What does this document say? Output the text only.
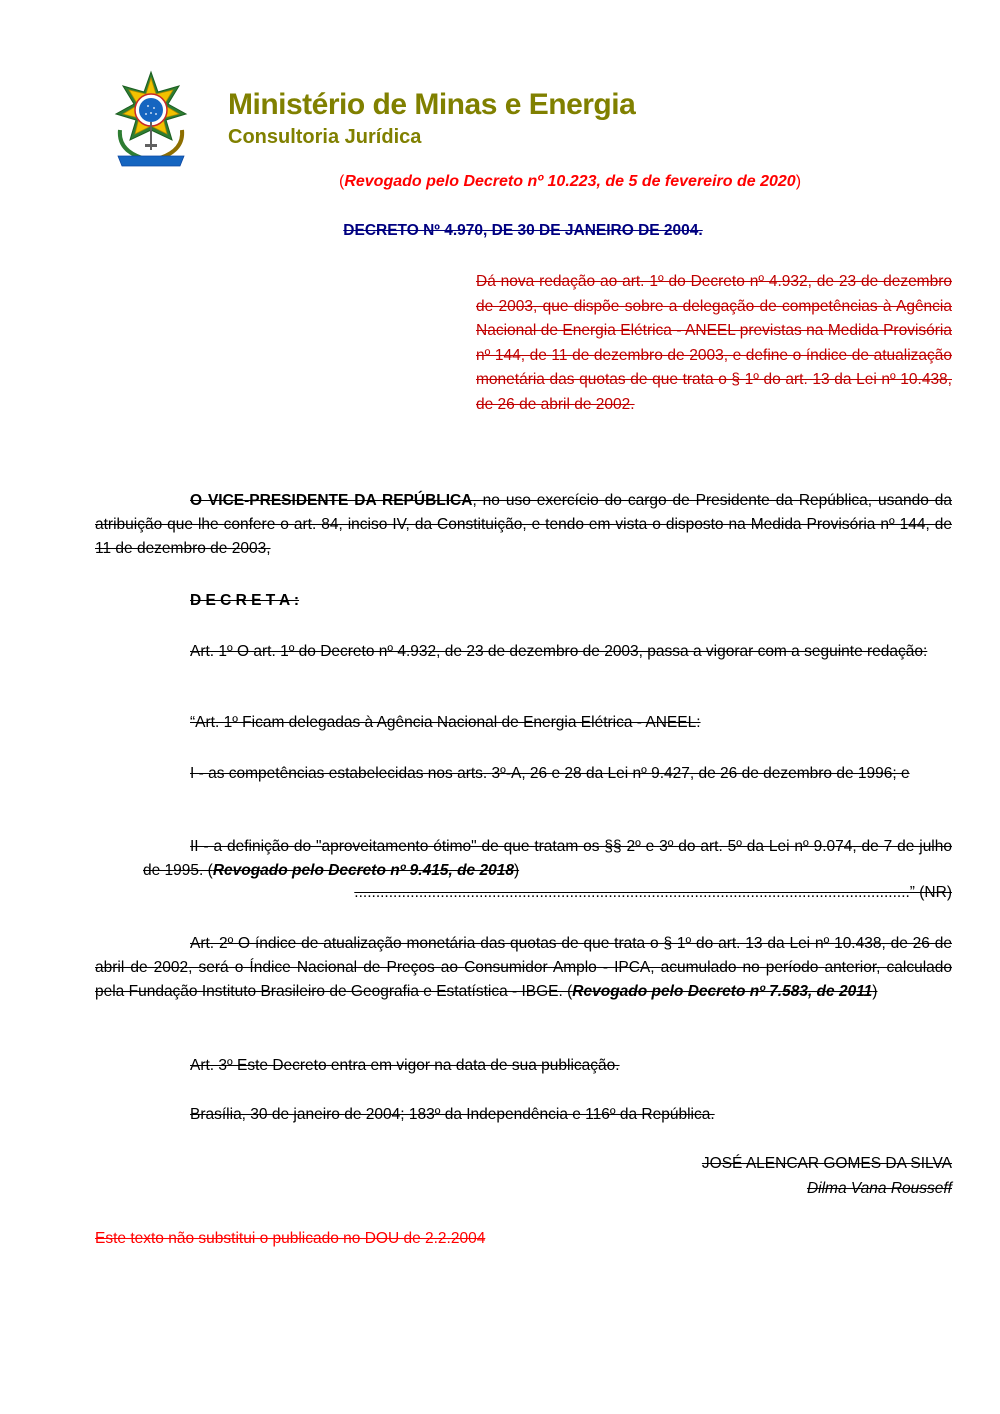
Ministério de Minas e Energia
Consultoria Jurídica
(Revogado pelo Decreto nº 10.223, de 5 de fevereiro de 2020)
DECRETO Nº 4.970, DE 30 DE JANEIRO DE 2004.
Dá nova redação ao art. 1º do Decreto nº 4.932, de 23 de dezembro de 2003, que dispõe sobre a delegação de competências à Agência Nacional de Energia Elétrica - ANEEL previstas na Medida Provisória nº 144, de 11 de dezembro de 2003, e define o índice de atualização monetária das quotas de que trata o § 1º do art. 13 da Lei nº 10.438, de 26 de abril de 2002.
O VICE-PRESIDENTE DA REPÚBLICA, no uso exercício do cargo de Presidente da República, usando da atribuição que lhe confere o art. 84, inciso IV, da Constituição, e tendo em vista o disposto na Medida Provisória nº 144, de 11 de dezembro de 2003,
D E C R E T A :
Art. 1º O art. 1º do Decreto nº 4.932, de 23 de dezembro de 2003, passa a vigorar com a seguinte redação:
“Art. 1º Ficam delegadas à Agência Nacional de Energia Elétrica - ANEEL:
I - as competências estabelecidas nos arts. 3º-A, 26 e 28 da Lei nº 9.427, de 26 de dezembro de 1996; e
II - a definição do "aproveitamento ótimo" de que tratam os §§ 2º e 3º do art. 5º da Lei nº 9.074, de 7 de julho de 1995. (Revogado pelo Decreto nº 9.415, de 2018)
.................................................................................................................................” (NR)
Art. 2º O índice de atualização monetária das quotas de que trata o § 1º do art. 13 da Lei nº 10.438, de 26 de abril de 2002, será o Índice Nacional de Preços ao Consumidor Amplo - IPCA, acumulado no período anterior, calculado pela Fundação Instituto Brasileiro de Geografia e Estatística - IBGE. (Revogado pelo Decreto nº 7.583, de 2011)
Art. 3º Este Decreto entra em vigor na data de sua publicação.
Brasília, 30 de janeiro de 2004; 183º da Independência e 116º da República.
JOSÉ ALENCAR GOMES DA SILVA
Dilma Vana Rousseff
Este texto não substitui o publicado no DOU de 2.2.2004
